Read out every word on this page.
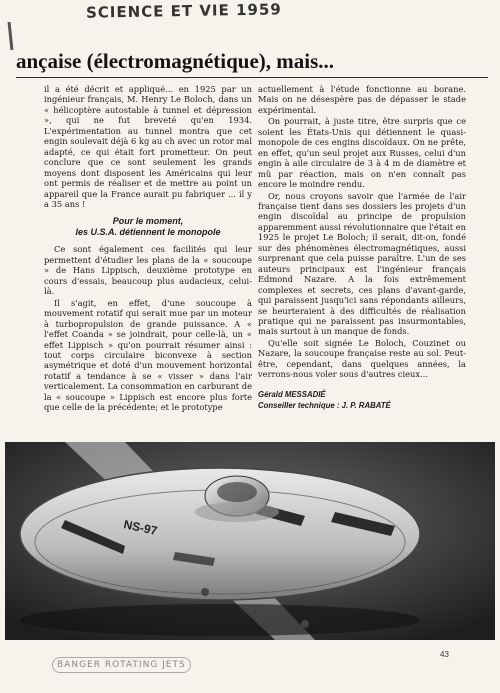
SCIENCE ET VIE 1959
ançaise (électromagnétique), mais...

il a été décrit et appliqué... en 1925 par un ingénieur français, M. Henry Le Boloch, dans un « hélicoptère autostable à tunnel et dépression », qui ne fut breveté qu'en 1934. L'expérimentation au tunnel montra que cet engin soulevait déjà 6 kg au ch avec un rotor mal adapté, ce qui était fort prometteur. On peut conclure que ce sont seulement les grands moyens dont disposent les Américains qui leur ont permis de réaliser et de mettre au point un appareil que la France aurait pu fabriquer ... il y a 35 ans !

Pour le moment,
les U.S.A. détiennent le monopole

Ce sont également ces facilités qui leur permettent d'étudier les plans de la « soucoupe » de Hans Lippisch, deuxième prototype en cours d'essais, beaucoup plus audacieux, celui-là.

Il s'agit, en effet, d'une soucoupe à mouvement rotatif qui serait mue par un moteur à turbopropulsion de grande puissance. A « l'effet Coanda » se joindrait, pour celle-là, un « effet Lippisch » qu'on pourrait résumer ainsi : tout corps circulaire biconvexe à section asymétrique et doté d'un mouvement horizontal rotatif a tendance à se « visser » dans l'air verticalement. La consommation en carburant de la « soucoupe » Lippisch est encore plus forte que celle de la précédente; et le prototype

actuellement à l'étude fonctionne au borane. Mais on ne désespère pas de dépasser le stade expérimental.

On pourrait, à juste titre, être surpris que ce soient les États-Unis qui détiennent le quasi-monopole de ces engins discoïdaux. On ne prête, en effet, qu'un seul projet aux Russes, celui d'un engin à aile circulaire de 3 à 4 m de diamètre et mû par réaction, mais on n'en connaît pas encore le moindre rendu.

Or, nous croyons savoir que l'armée de l'air française tient dans ses dossiers les projets d'un engin discoïdal au principe de propulsion apparemment aussi révolutionnaire que l'était en 1925 le projet Le Boloch; il serait, dit-on, fondé sur des phénomènes électromagnétiques, aussi surprenant que cela puisse paraître. L'un de ses auteurs principaux est l'ingénieur français Edmond Nazare. A la fois extrêmement complexes et secrets, ces plans d'avant-garde, qui paraissent jusqu'ici sans répondants ailleurs, se heurteraient à des difficultés de réalisation pratique qui ne paraissent pas insurmontables, mais surtout à un manque de fonds.

Qu'elle soit signée Le Boloch, Couzinet ou Nazare, la soucoupe française reste au sol. Peut-être, cependant, dans quelques années, la verrons-nous voler sous d'autres cieux...

Gérald MESSADIÉ

Conseiller technique : J. P. RABATÉ

NS-97
BANGER ROTATING JETS
43
